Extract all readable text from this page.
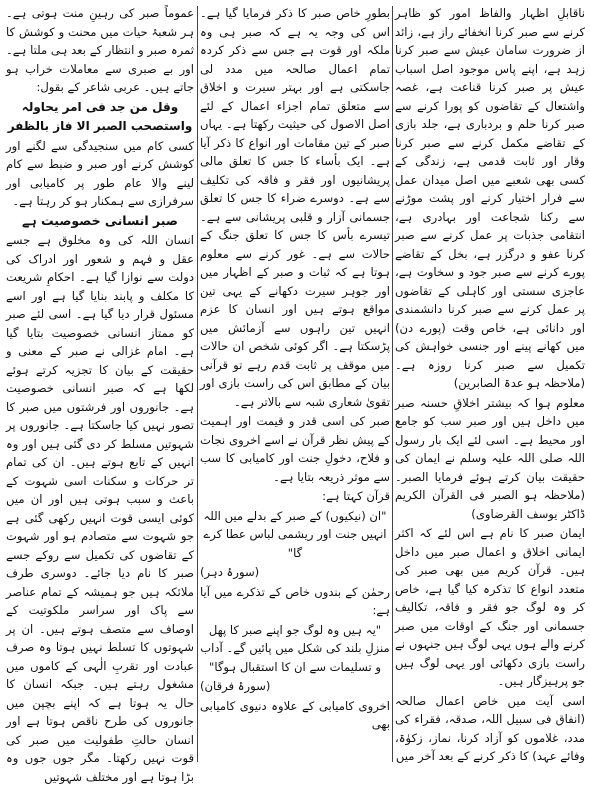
ناقابلِ اظہار والفاظ امور کو ظاہر کرنے سے صبر کرنا انخفائے راز ہے، زائد از ضرورت سامان عیش سے صبر کرنا زہد ہے، اپنے پاس موجود اصل اسباب عیش پر صبر کرنا قناعت ہے، غصہ واشتعال کے تقاضوں کو پورا کرنے سے صبر کرنا حلم و بردباری ہے، جلد بازی کے تقاضے مکمل کرنے سے صبر کرنا وقار اور ثابت قدمی ہے، زندگی کے کسی بھی شعبے میں اصل میدان عمل سے فرار اختیار کرنے اور پشت موڑنے سے رکنا شجاعت اور بہادری ہے، انتقامی جذبات پر عمل کرنے سے صبر کرنا عفو و درگزر ہے، بخل کے تقاضے پورے کرنے سے صبر جود و سخاوت ہے، عاجزی سستی اور کاہلی کے تقاضوں پر عمل کرنے سے صبر کرنا دانشمندی اور دانائی ہے، خاص وقت (پورے دن) میں کھانے پینے اور جنسی خواہش کی تکمیل سے صبر کرنا روزہ ہے۔ (ملاحظہ ہو عدۃ الصابرین)

معلوم ہوا کہ بیشتر اخلاقِ حسنہ صبر میں داخل ہیں اور صبر سب کو جامع اور محیط ہے۔ اسی لئے ایک بار رسول اللہ صلی اللہ علیہ وسلم نے ایمان کی حقیقت بیان کرتے ہوئے فرمایا الصبر۔ (ملاحظہ ہو الصبر فی القرآن الکریم ڈاکٹر یوسف القرضاوی)

ایمان صبر کا نام ہے اس لئے کہ اکثر ایمانی اخلاق و اعمال صبر میں داخل ہیں۔ قرآن کریم میں بھی صبر کی متعدد انواع کا تذکرہ کیا گیا ہے، خاص کر وہ لوگ جو فقر و فاقہ، تکالیف جسمانی اور جنگ کے اوقات میں صبر کرنے والے ہوں یہی لوگ ہیں جنہوں نے راست بازی دکھائی اور یہی لوگ ہیں جو پرہیزگار ہیں۔

اسی آیت میں خاص اعمال صالحہ (انفاق فی سبیل اللہ، صدقہ، فقراء کی مدد، غلاموں کو آزاد کرنا، نماز، زکوٰۃ، وفائے عہد) کا ذکر کرنے کے بعد آخر میں

بطورِ خاص صبر کا ذکر فرمایا گیا ہے۔ اس کی وجہ یہ ہے کہ صبر ہی وہ ملکہ اور قوت ہے جس سے ذکر کردہ تمام اعمال صالحہ میں مدد لی جاسکتی ہے اور بہتر سیرت و اخلاق سے متعلق تمام اجزاء اعمال کے لئے اصل الاصول کی حیثیت رکھتا ہے۔ یہاں صبر کے تین مقامات اور انواع کا ذکر آیا ہے۔ ایک بأساء کا جس کا تعلق مالی پریشانیوں اور فقر و فاقہ کی تکلیف سے ہے۔ دوسرے ضراء کا جس کا تعلق جسمانی آزار و قلبی پریشانی سے ہے۔ تیسرے بأس کا جس کا تعلق جنگ کے حالات سے ہے۔ غور کرنے سے معلوم ہوتا ہے کہ ثبات و صبر کے اظہار میں اور جوہر سیرت دکھانے کے یہی تین مواقع ہوتے ہیں اور انسان کا عزم انہیں تین راہوں سے آزمائش میں پڑسکتا ہے۔ اگر کوئی شخص ان حالات میں موقف پر ثابت قدم رہے تو قرآنی بیان کے مطابق اس کی راست بازی اور تقویٰ شعاری شبہ سے بالاتر ہے۔

صبر کی اسی قدر و قیمت اور اہمیت کے پیش نظر قرآن نے اسے اخروی نجات و فلاح، دخولِ جنت اور کامیابی کا سب سے موثر ذریعہ بتایا ہے۔

قرآن کہتا ہے:

"ان (نیکیوں) کے صبر کے بدلے میں اللہ انہیں جنت اور ریشمی لباس عطا کرے گا"

(سورۂ دہر)

رحمٰن کے بندوں خاص کے تذکرے میں آیا ہے:

"یہ ہیں وہ لوگ جو اپنے صبر کا پھل منزلِ بلند کی شکل میں پائیں گے۔ آداب و تسلیمات سے ان کا استقبال ہوگا"

(سورۂ فرقان)

اخروی کامیابی کے علاوہ دنیوی کامیابی بھی

عموماً صبر کی رہینِ منت ہوتی ہے۔ ہر شعبۂ حیات میں محنت و کوشش کا ثمرہ صبر و انتظار کے بعد ہی ملتا ہے۔ اور بے صبری سے معاملات خراب ہو جاتے ہیں۔ عربی شاعر کے بقول:

وقل من جد فی امر یحاولہ

واستصحب الصبر الا فاز بالظفر

کسی کام میں سنجیدگی سے لگنے اور کوشش کرنے اور صبر و ضبط سے کام لینے والا عام طور پر کامیابی اور سرفرازی سے ہمکنار ہو کر رہتا ہے۔

صبر انسانی خصوصیت ہے

انسان اللہ کی وہ مخلوق ہے جسے عقل و فہم و شعور اور ادراک کی دولت سے نوازا گیا ہے۔ احکامِ شریعت کا مکلف و پابند بنایا گیا ہے اور اسے مسئول قرار دیا گیا ہے۔ اسی لئے صبر کو ممتاز انسانی خصوصیت بتایا گیا ہے۔ امام غزالی نے صبر کے معنی و حقیقت کے بیان کا تجزیہ کرتے ہوئے لکھا ہے کہ صبر انسانی خصوصیت ہے۔ جانوروں اور فرشتوں میں صبر کا تصور نہیں کیا جاسکتا ہے۔ جانوروں پر شہوتیں مسلط کر دی گئی ہیں اور وہ انہیں کے تابع ہوتے ہیں۔ ان کی تمام تر حرکات و سکنات اسی شہوت کے باعث و سبب ہوتی ہیں اور ان میں کوئی ایسی قوت انہیں رکھی گئی ہے جو شہوت سے متصادم ہو اور شہوت کے تقاضوں کی تکمیل سے روکے جسے صبر کا نام دیا جائے۔ دوسری طرف ملائکہ ہیں جو ہمیشہ کے تمام عناصر سے پاک اور سراسر ملکوتیت کے اوصاف سے متصف ہوتے ہیں۔ ان پر شہوتوں کا تسلط نہیں ہوتا وہ صرف عبادت اور تقربِ الٰہی کے کاموں میں مشغول رہتے ہیں۔ جبکہ انسان کا حال یہ ہوتا ہے کہ اپنے بچپن میں جانوروں کی طرح ناقص ہوتا ہے اور انسان حالتِ طفولیت میں صبر کی قوت نہیں رکھتا۔ مگر جوں جوں وہ بڑا ہوتا ہے اور مختلف شہوتیں
